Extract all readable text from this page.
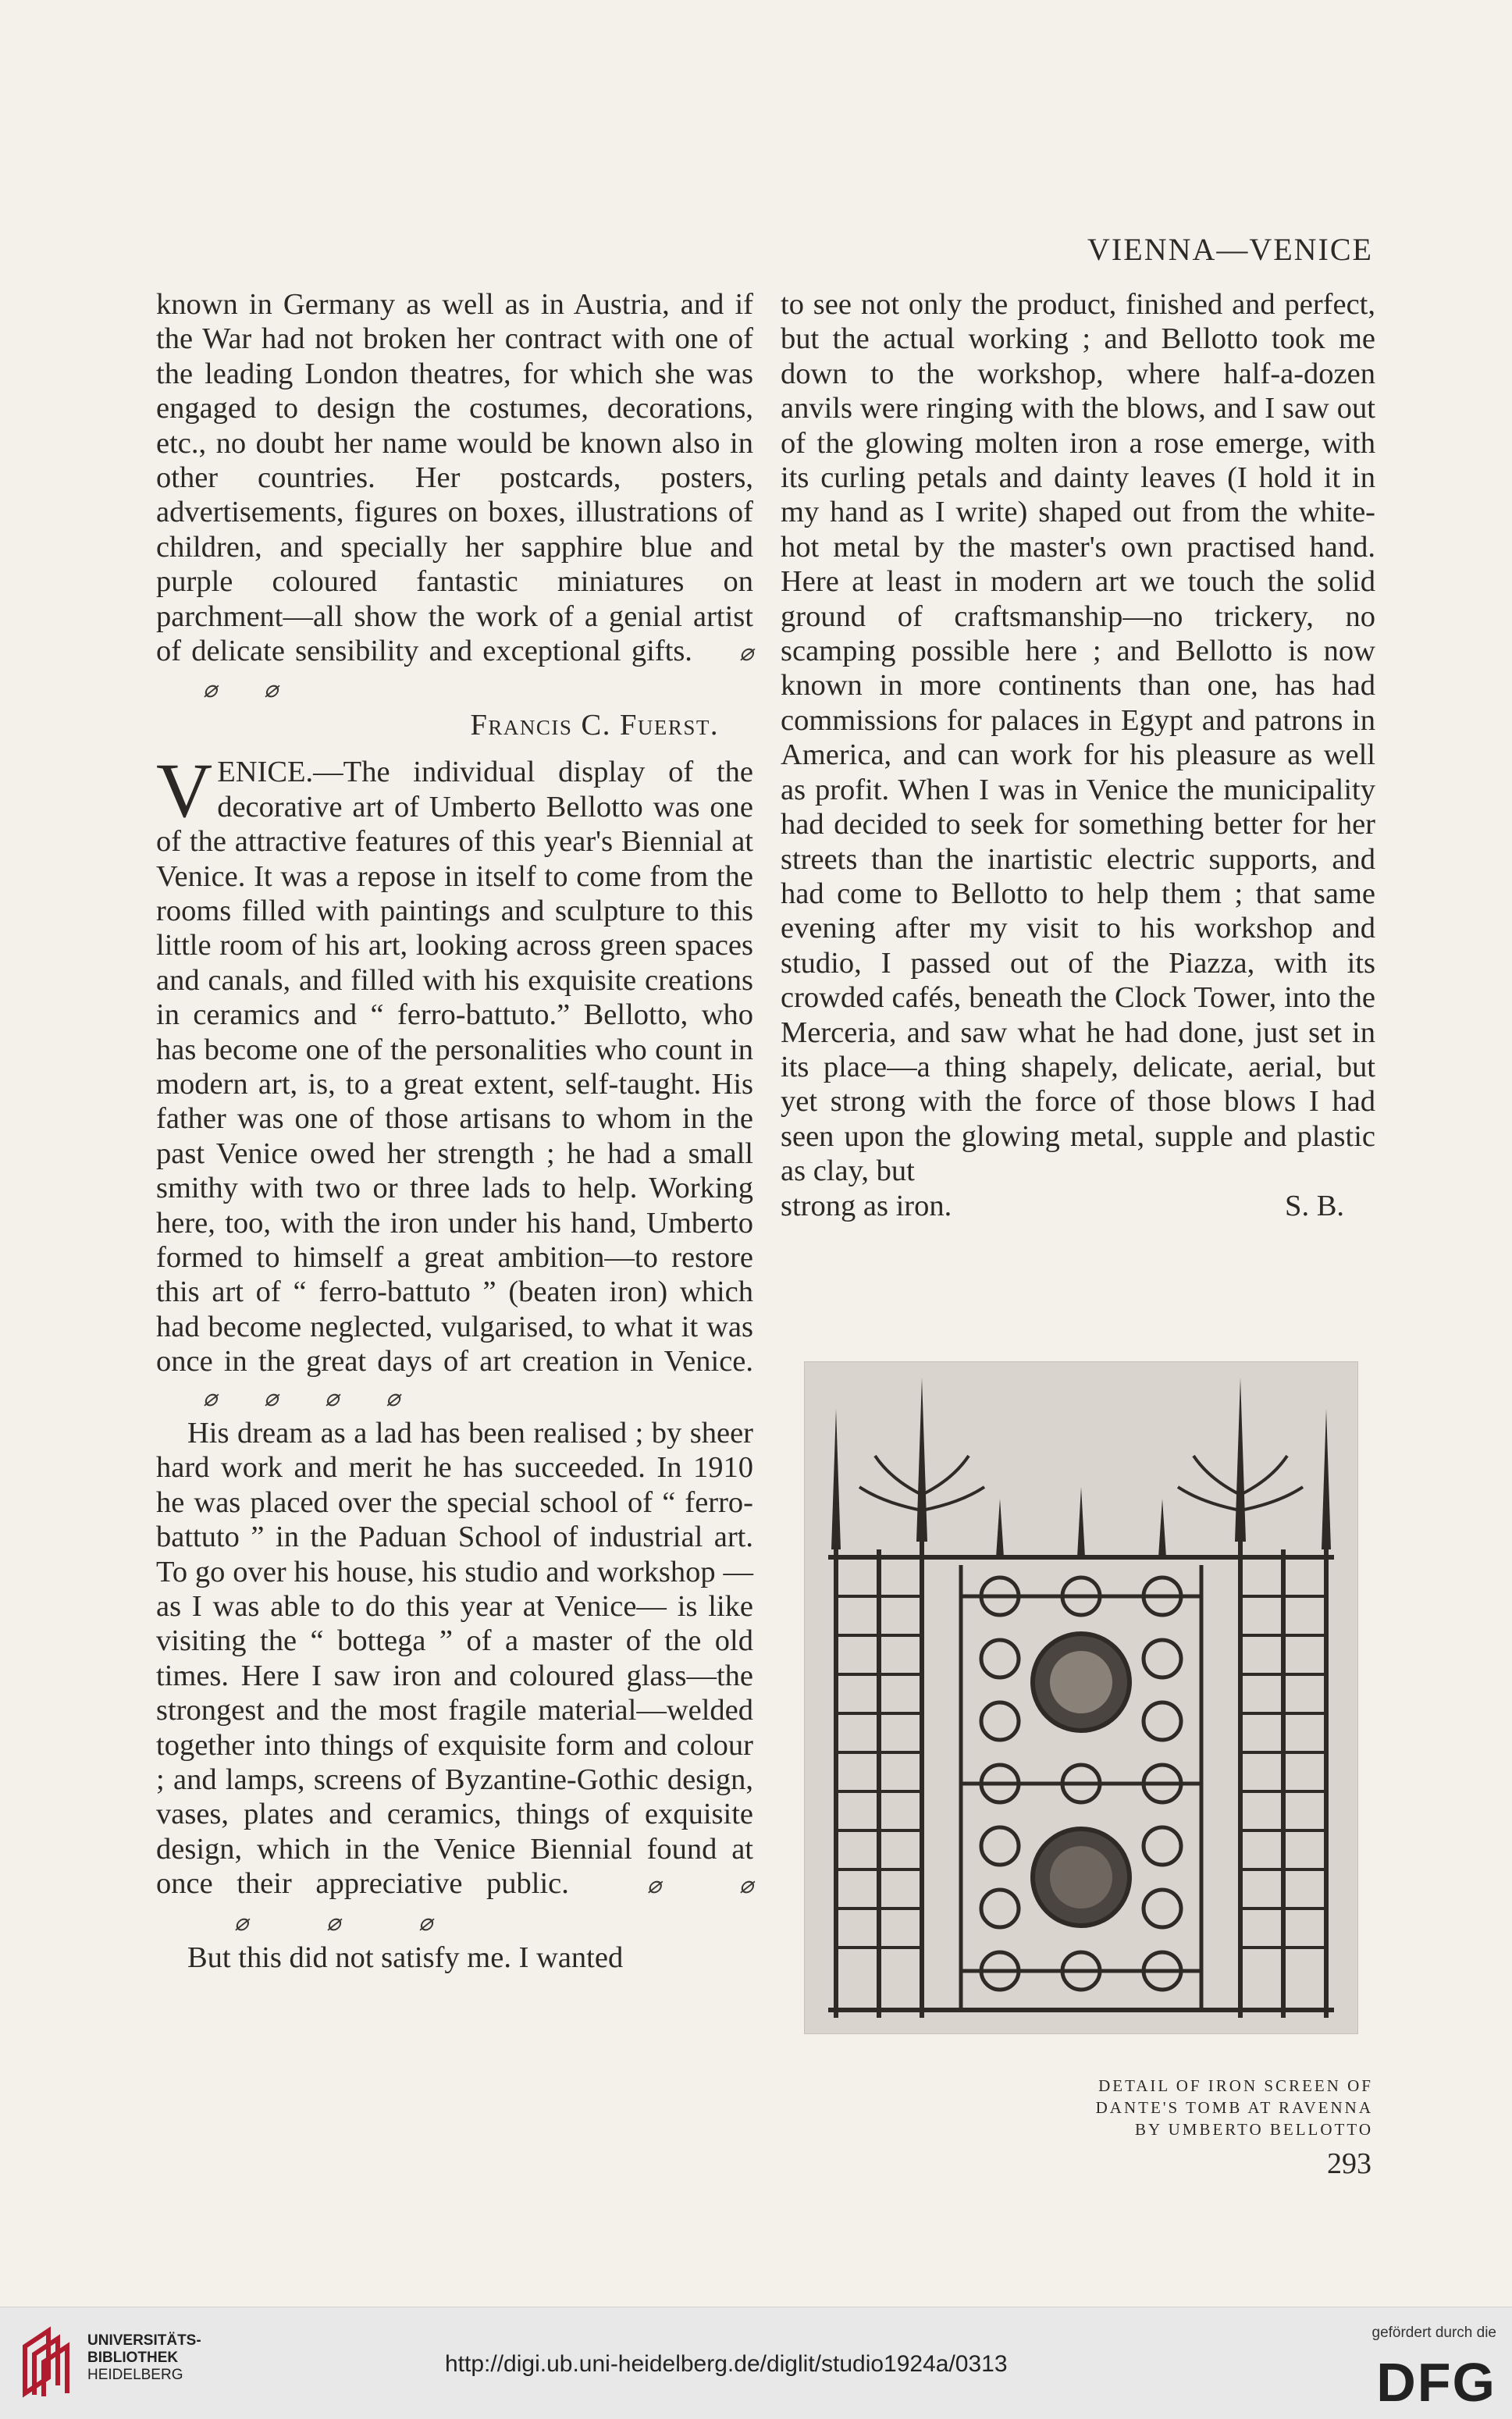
VIENNA—VENICE

known in Germany as well as in Austria, and if the War had not broken her contract with one of the leading London theatres, for which she was engaged to design the costumes, decorations, etc., no doubt her name would be known also in other countries. Her postcards, posters, advertisements, figures on boxes, illustrations of children, and specially her sapphire blue and purple coloured fantastic miniatures on parchment—all show the work of a genial artist of delicate sensibility and exceptional gifts. ⌀⌀ ⌀

Francis C. Fuerst.

VENICE.—The individual display of the decorative art of Umberto Bellotto was one of the attractive features of this year's Biennial at Venice. It was a repose in itself to come from the rooms filled with paintings and sculpture to this little room of his art, looking across green spaces and canals, and filled with his exquisite creations in ceramics and “ ferro-battuto.” Bellotto, who has become one of the personalities who count in modern art, is, to a great extent, self-taught. His father was one of those artisans to whom in the past Venice owed her strength ; he had a small smithy with two or three lads to help. Working here, too, with the iron under his hand, Umberto formed to himself a great ambition—to restore this art of “ ferro-battuto ” (beaten iron) which had become neglected, vulgarised, to what it was once in the great days of art creation in Venice.⌀ ⌀ ⌀ ⌀

His dream as a lad has been realised ; by sheer hard work and merit he has succeeded. In 1910 he was placed over the special school of “ ferro-battuto ” in the Paduan School of industrial art. To go over his house, his studio and workshop —as I was able to do this year at Venice— is like visiting the “ bottega ” of a master of the old times. Here I saw iron and coloured glass—the strongest and the most fragile material—welded together into things of exquisite form and colour ; and lamps, screens of Byzantine-Gothic design, vases, plates and ceramics, things of exquisite design, which in the Venice Biennial found at once their appreciative public.	⌀	⌀⌀	⌀	⌀

But this did not satisfy me. I wanted

to see not only the product, finished and perfect, but the actual working ; and Bellotto took me down to the workshop, where half-a-dozen anvils were ringing with the blows, and I saw out of the glowing molten iron a rose emerge, with its curling petals and dainty leaves (I hold it in my hand as I write) shaped out from the white-hot metal by the master's own practised hand. Here at least in modern art we touch the solid ground of craftsmanship—no trickery, no scamping possible here ; and Bellotto is now known in more continents than one, has had commissions for palaces in Egypt and patrons in America, and can work for his pleasure as well as profit. When I was in Venice the municipality had decided to seek for something better for her streets than the inartistic electric supports, and had come to Bellotto to help them ; that same evening after my visit to his workshop and studio, I passed out of the Piazza, with its crowded cafés, beneath the Clock Tower, into the Merceria, and saw what he had done, just set in its place—a thing shapely, delicate, aerial, but yet strong with the force of those blows I had seen upon the glowing metal, supple and plastic as clay, but

strong as iron.	S. B.

DETAIL OF IRON SCREEN OF
DANTE'S TOMB AT RAVENNA
BY UMBERTO BELLOTTO
293
UNIVERSITÄTS-
BIBLIOTHEK
HEIDELBERG	http://digi.ub.uni-heidelberg.de/diglit/studio1924a/0313
gefördert durch die
DFG
